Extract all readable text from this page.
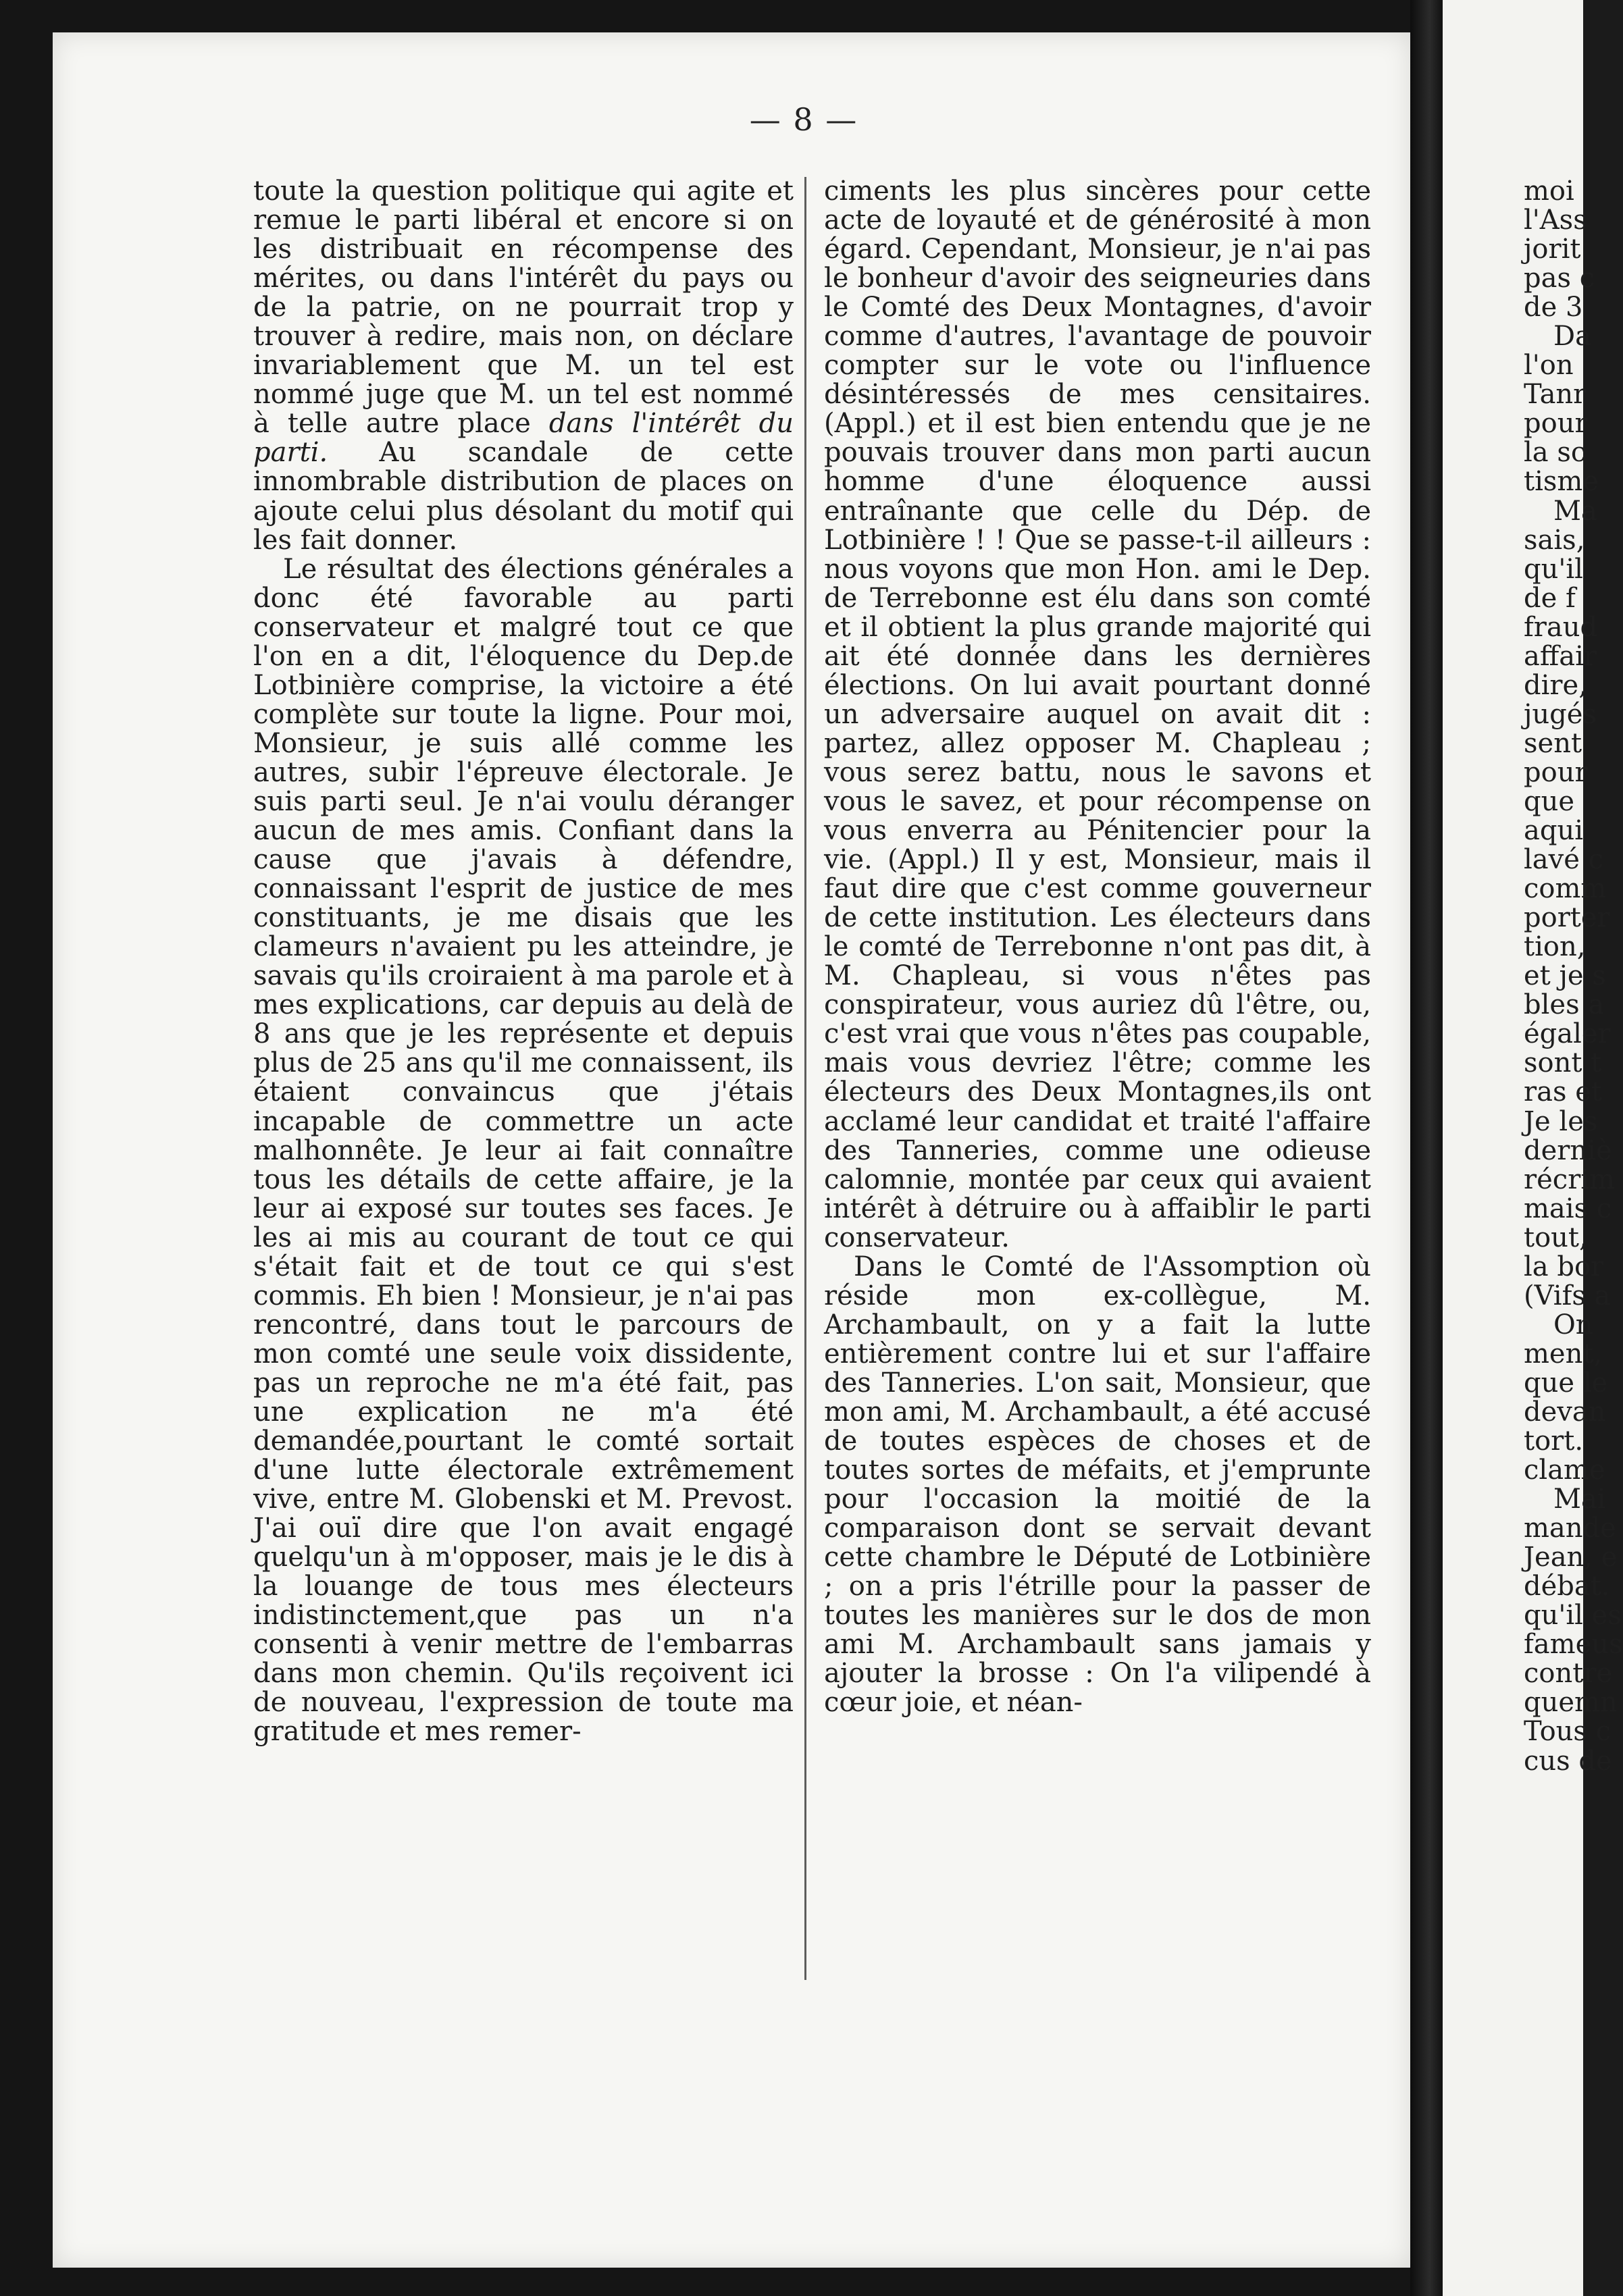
— 8 —

toute la question politique qui agite et remue le parti libéral et encore si on les distribuait en récompense des mérites, ou dans l'intérêt du pays ou de la patrie, on ne pourrait trop y trouver à redire, mais non, on déclare invariablement que M. un tel est nommé juge que M. un tel est nommé à telle autre place dans l'intérêt du parti. Au scandale de cette innombrable distribution de places on ajoute celui plus désolant du motif qui les fait donner.

Le résultat des élections générales a donc été favorable au parti conservateur et malgré tout ce que l'on en a dit, l'éloquence du Dep.de Lotbinière comprise, la victoire a été complète sur toute la ligne. Pour moi, Monsieur, je suis allé comme les autres, subir l'épreuve électorale. Je suis parti seul. Je n'ai voulu déranger aucun de mes amis. Confiant dans la cause que j'avais à défendre, connaissant l'esprit de justice de mes constituants, je me disais que les clameurs n'avaient pu les atteindre, je savais qu'ils croiraient à ma parole et à mes explications, car depuis au delà de 8 ans que je les représente et depuis plus de 25 ans qu'il me connaissent, ils étaient convaincus que j'étais incapable de commettre un acte malhonnête. Je leur ai fait connaître tous les détails de cette affaire, je la leur ai exposé sur toutes ses faces. Je les ai mis au courant de tout ce qui s'était fait et de tout ce qui s'est commis. Eh bien ! Monsieur, je n'ai pas rencontré, dans tout le parcours de mon comté une seule voix dissidente, pas un reproche ne m'a été fait, pas une explication ne m'a été demandée,pourtant le comté sortait d'une lutte électorale extrêmement vive, entre M. Globenski et M. Prevost. J'ai ouï dire que l'on avait engagé quelqu'un à m'opposer, mais je le dis à la louange de tous mes électeurs indistinctement,que pas un n'a consenti à venir mettre de l'embarras dans mon chemin. Qu'ils reçoivent ici de nouveau, l'expression de toute ma gratitude et mes remer-

ciments les plus sincères pour cette acte de loyauté et de générosité à mon égard. Cependant, Monsieur, je n'ai pas le bonheur d'avoir des seigneuries dans le Comté des Deux Montagnes, d'avoir comme d'autres, l'avantage de pouvoir compter sur le vote ou l'influence désintéressés de mes censitaires. (Appl.) et il est bien entendu que je ne pouvais trouver dans mon parti aucun homme d'une éloquence aussi entraînante que celle du Dép. de Lotbinière ! ! Que se passe-t-il ailleurs : nous voyons que mon Hon. ami le Dep. de Terrebonne est élu dans son comté et il obtient la plus grande majorité qui ait été donnée dans les dernières élections. On lui avait pourtant donné un adversaire auquel on avait dit : partez, allez opposer M. Chapleau ; vous serez battu, nous le savons et vous le savez, et pour récompense on vous enverra au Pénitencier pour la vie. (Appl.) Il y est, Monsieur, mais il faut dire que c'est comme gouverneur de cette institution. Les électeurs dans le comté de Terrebonne n'ont pas dit, à M. Chapleau, si vous n'êtes pas conspirateur, vous auriez dû l'être, ou, c'est vrai que vous n'êtes pas coupable, mais vous devriez l'être; comme les électeurs des Deux Montagnes,ils ont acclamé leur candidat et traité l'affaire des Tanneries, comme une odieuse calomnie, montée par ceux qui avaient intérêt à détruire ou à affaiblir le parti conservateur.

Dans le Comté de l'Assomption où réside mon ex-collègue, M. Archambault, on y a fait la lutte entièrement contre lui et sur l'affaire des Tanneries. L'on sait, Monsieur, que mon ami, M. Archambault, a été accusé de toutes espèces de choses et de toutes sortes de méfaits, et j'emprunte pour l'occasion la moitié de la comparaison dont se servait devant cette chambre le Député de Lotbinière ; on a pris l'étrille pour la passer de toutes les manières sur le dos de mon ami M. Archambault sans jamais y ajouter la brosse : On l'a vilipendé à cœur joie, et néan-

moi
l'Ass
jorit
pas c
de 3
Da
l'on
Tanr
pour
la sc
tisme
Ma
sais,
qu'il
de f
fraud
affair
dire,
jugés
sent
pour
que
aqui
lavé c
comm
porter
tion,
et je s
bles a
égaler
sont t
ras et
Je les
derniè
récrim
mais c
tout,
la bor
(Vifs a
On
ment,
que le
devan
tort.
clame
Mai
mande
Jean, e
débat.
qu'il es
fameus
contre
quemn
Tous c
cus de
